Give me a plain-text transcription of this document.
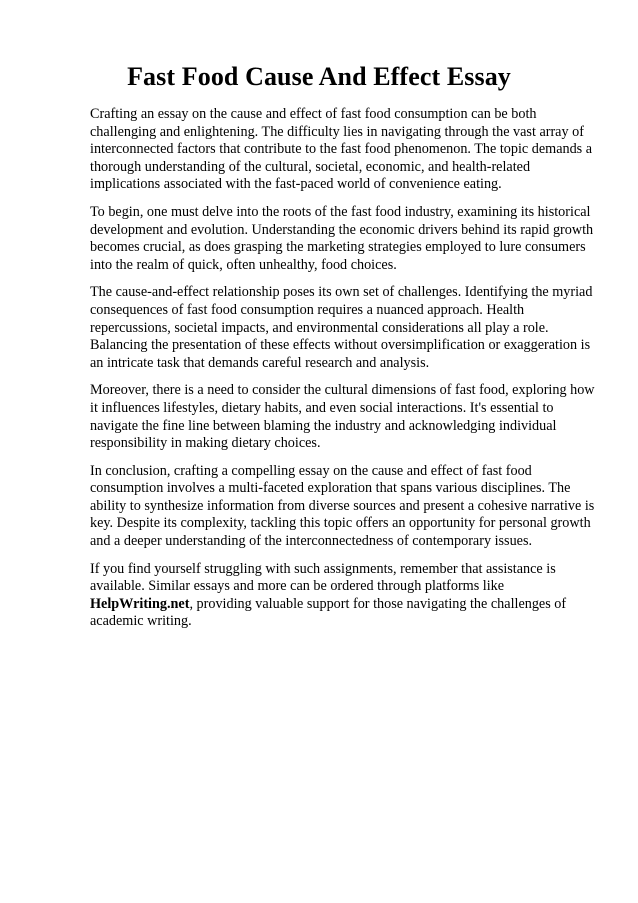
Fast Food Cause And Effect Essay

Crafting an essay on the cause and effect of fast food consumption can be both challenging and enlightening. The difficulty lies in navigating through the vast array of interconnected factors that contribute to the fast food phenomenon. The topic demands a thorough understanding of the cultural, societal, economic, and health-related implications associated with the fast-paced world of convenience eating.

To begin, one must delve into the roots of the fast food industry, examining its historical development and evolution. Understanding the economic drivers behind its rapid growth becomes crucial, as does grasping the marketing strategies employed to lure consumers into the realm of quick, often unhealthy, food choices.

The cause-and-effect relationship poses its own set of challenges. Identifying the myriad consequences of fast food consumption requires a nuanced approach. Health repercussions, societal impacts, and environmental considerations all play a role. Balancing the presentation of these effects without oversimplification or exaggeration is an intricate task that demands careful research and analysis.

Moreover, there is a need to consider the cultural dimensions of fast food, exploring how it influences lifestyles, dietary habits, and even social interactions. It's essential to navigate the fine line between blaming the industry and acknowledging individual responsibility in making dietary choices.

In conclusion, crafting a compelling essay on the cause and effect of fast food consumption involves a multi-faceted exploration that spans various disciplines. The ability to synthesize information from diverse sources and present a cohesive narrative is key. Despite its complexity, tackling this topic offers an opportunity for personal growth and a deeper understanding of the interconnectedness of contemporary issues.

If you find yourself struggling with such assignments, remember that assistance is available. Similar essays and more can be ordered through platforms like HelpWriting.net, providing valuable support for those navigating the challenges of academic writing.
